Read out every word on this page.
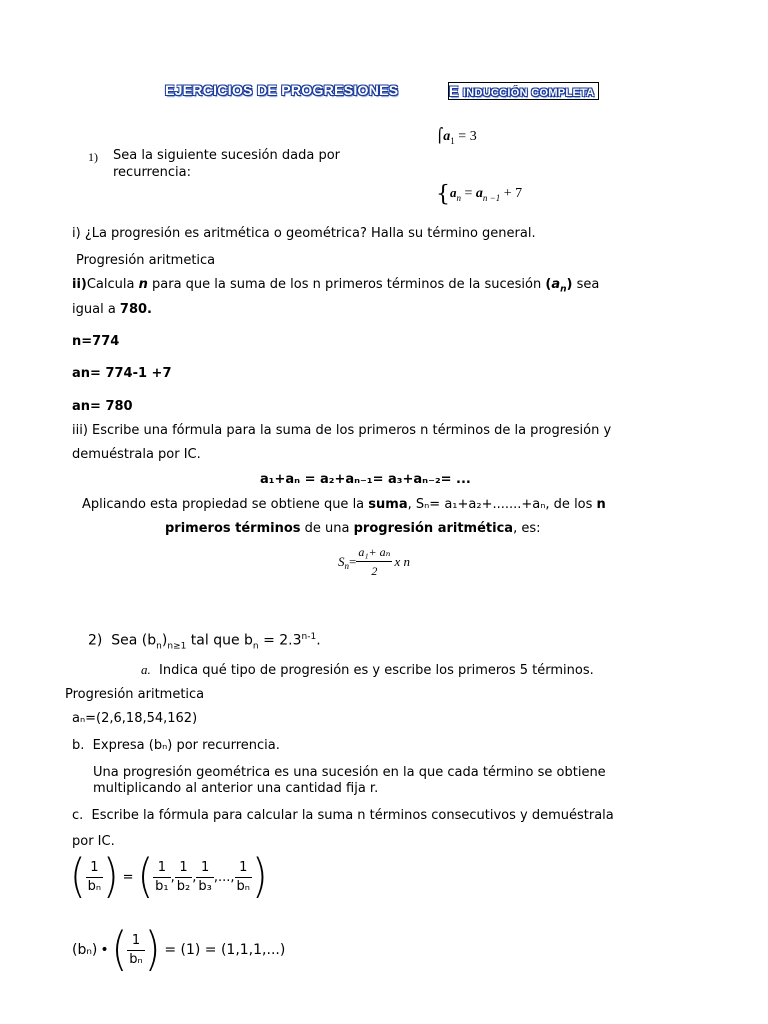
EJERCICIOS DE PROGRESIONES	E INDUCCIÓN COMPLETA
1) Sea la siguiente sucesión dada por
recurrencia:
$⌠a_1 = 3$
{$a_n = a_{n -1} + 7$
i) ¿La progresión es aritmética o geométrica? Halla su término general.
Progresión aritmetica
ii)Calcula n para que la suma de los n primeros términos de la sucesión $(a_n)$ sea
igual a 780.
n=774
an= 774-1 +7
an= 780
iii) Escribe una fórmula para la suma de los primeros n términos de la progresión y
demuéstrala por IC.
a₁+aₙ = a₂+aₙ₋₁= a₃+aₙ₋₂= ...
Aplicando esta propiedad se obtiene que la suma, Sₙ= a₁+a₂+.......+aₙ, de los n
primeros términos de una progresión aritmética, es:
$S_n = \frac{\text{a₁+ aₙ}}{2}$ x n
2) Sea $(b_n)_{n\ge 1}$ tal que $b_n = 2.3^{n-1}$.
a. Indica qué tipo de progresión es y escribe los primeros 5 términos.
Progresión aritmetica
aₙ=(2,6,18,54,162)
b. Expresa (bₙ) por recurrencia.
Una progresión geométrica es una sucesión en la que cada término se obtiene
multiplicando al anterior una cantidad fija r.
c. Escribe la fórmula para calcular la suma n términos consecutivos y demuéstrala
por IC.
( $\frac{1}{\text{bₙ}}$ ) = ( $\frac{1}{\text{b₁}}$ , $\frac{1}{\text{b₂}}$ , $\frac{1}{\text{b₃}}$ ,..., $\frac{1}{\text{bₙ}}$ )
(bₙ) • ( $\frac{1}{\text{bₙ}}$ ) = (1) = (1,1,1,...)
